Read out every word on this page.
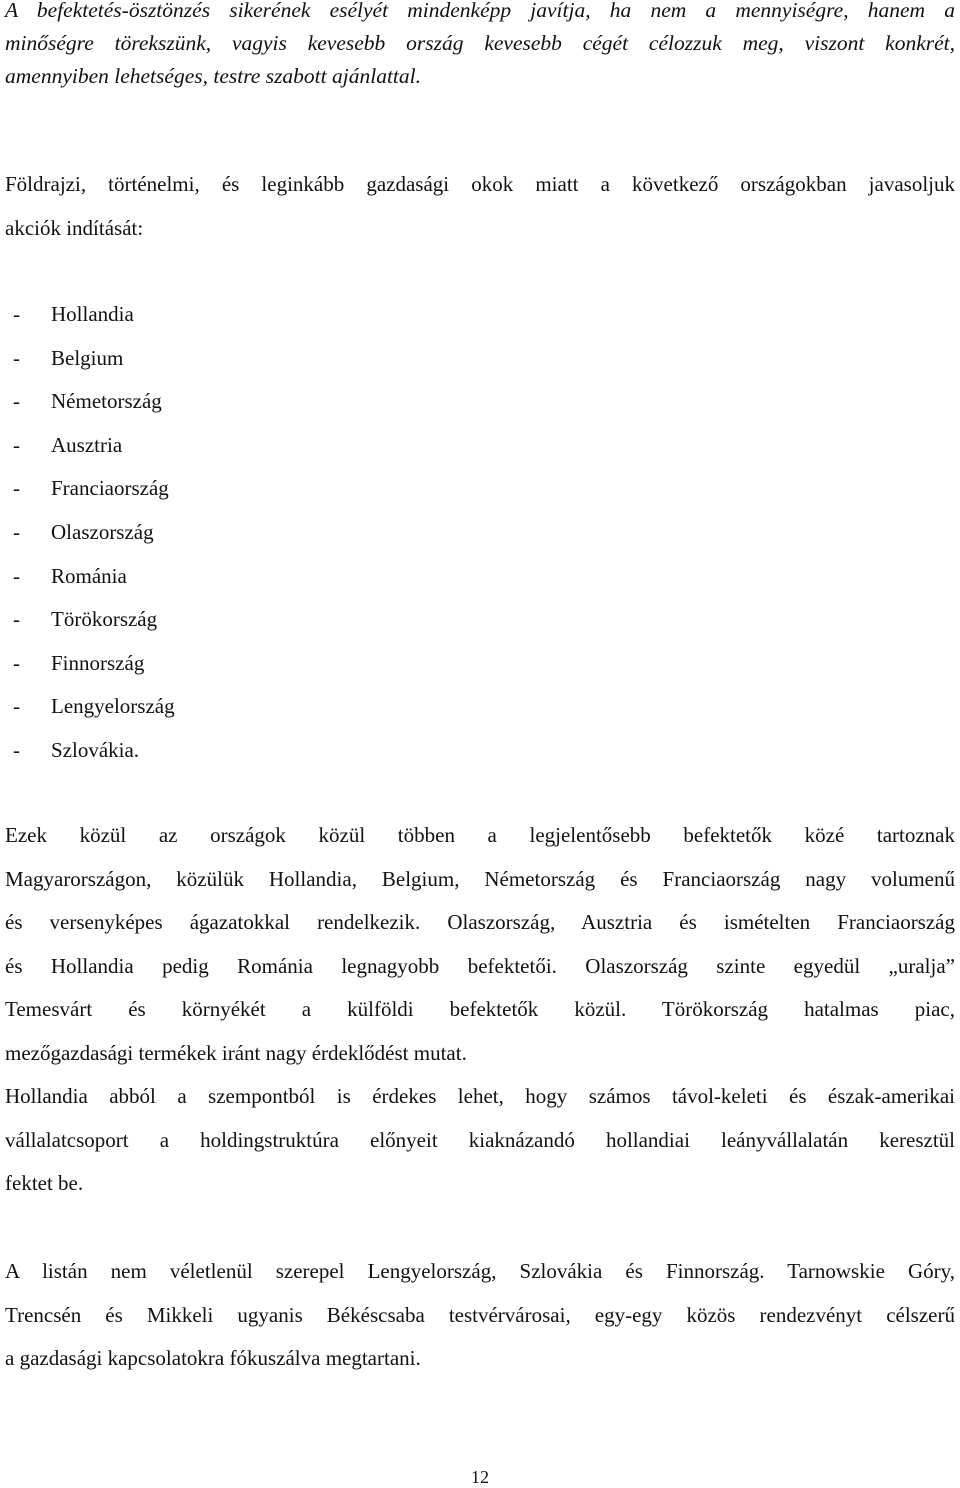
A befektetés-ösztönzés sikerének esélyét mindenképp javítja, ha nem a mennyiségre, hanem a
minőségre törekszünk, vagyis kevesebb ország kevesebb cégét célozzuk meg, viszont konkrét,
amennyiben lehetséges, testre szabott ajánlattal.

Földrajzi, történelmi, és leginkább gazdasági okok miatt a következő országokban javasoljuk
akciók indítását:

-	Hollandia
-	Belgium
-	Németország
-	Ausztria
-	Franciaország
-	Olaszország
-	Románia
-	Törökország
-	Finnország
-	Lengyelország
-	Szlovákia.

Ezek közül az országok közül többen a legjelentősebb befektetők közé tartoznak
Magyarországon, közülük Hollandia, Belgium, Németország és Franciaország nagy volumenű
és versenyképes ágazatokkal rendelkezik. Olaszország, Ausztria és ismételten Franciaország
és Hollandia pedig Románia legnagyobb befektetői. Olaszország szinte egyedül „uralja”
Temesvárt és környékét a külföldi befektetők közül. Törökország hatalmas piac,
mezőgazdasági termékek iránt nagy érdeklődést mutat.
Hollandia abból a szempontból is érdekes lehet, hogy számos távol-keleti és észak-amerikai
vállalatcsoport a holdingstruktúra előnyeit kiaknázandó hollandiai leányvállalatán keresztül
fektet be.

A listán nem véletlenül szerepel Lengyelország, Szlovákia és Finnország. Tarnowskie Góry,
Trencsén és Mikkeli ugyanis Békéscsaba testvérvárosai, egy-egy közös rendezvényt célszerű
a gazdasági kapcsolatokra fókuszálva megtartani.

12
